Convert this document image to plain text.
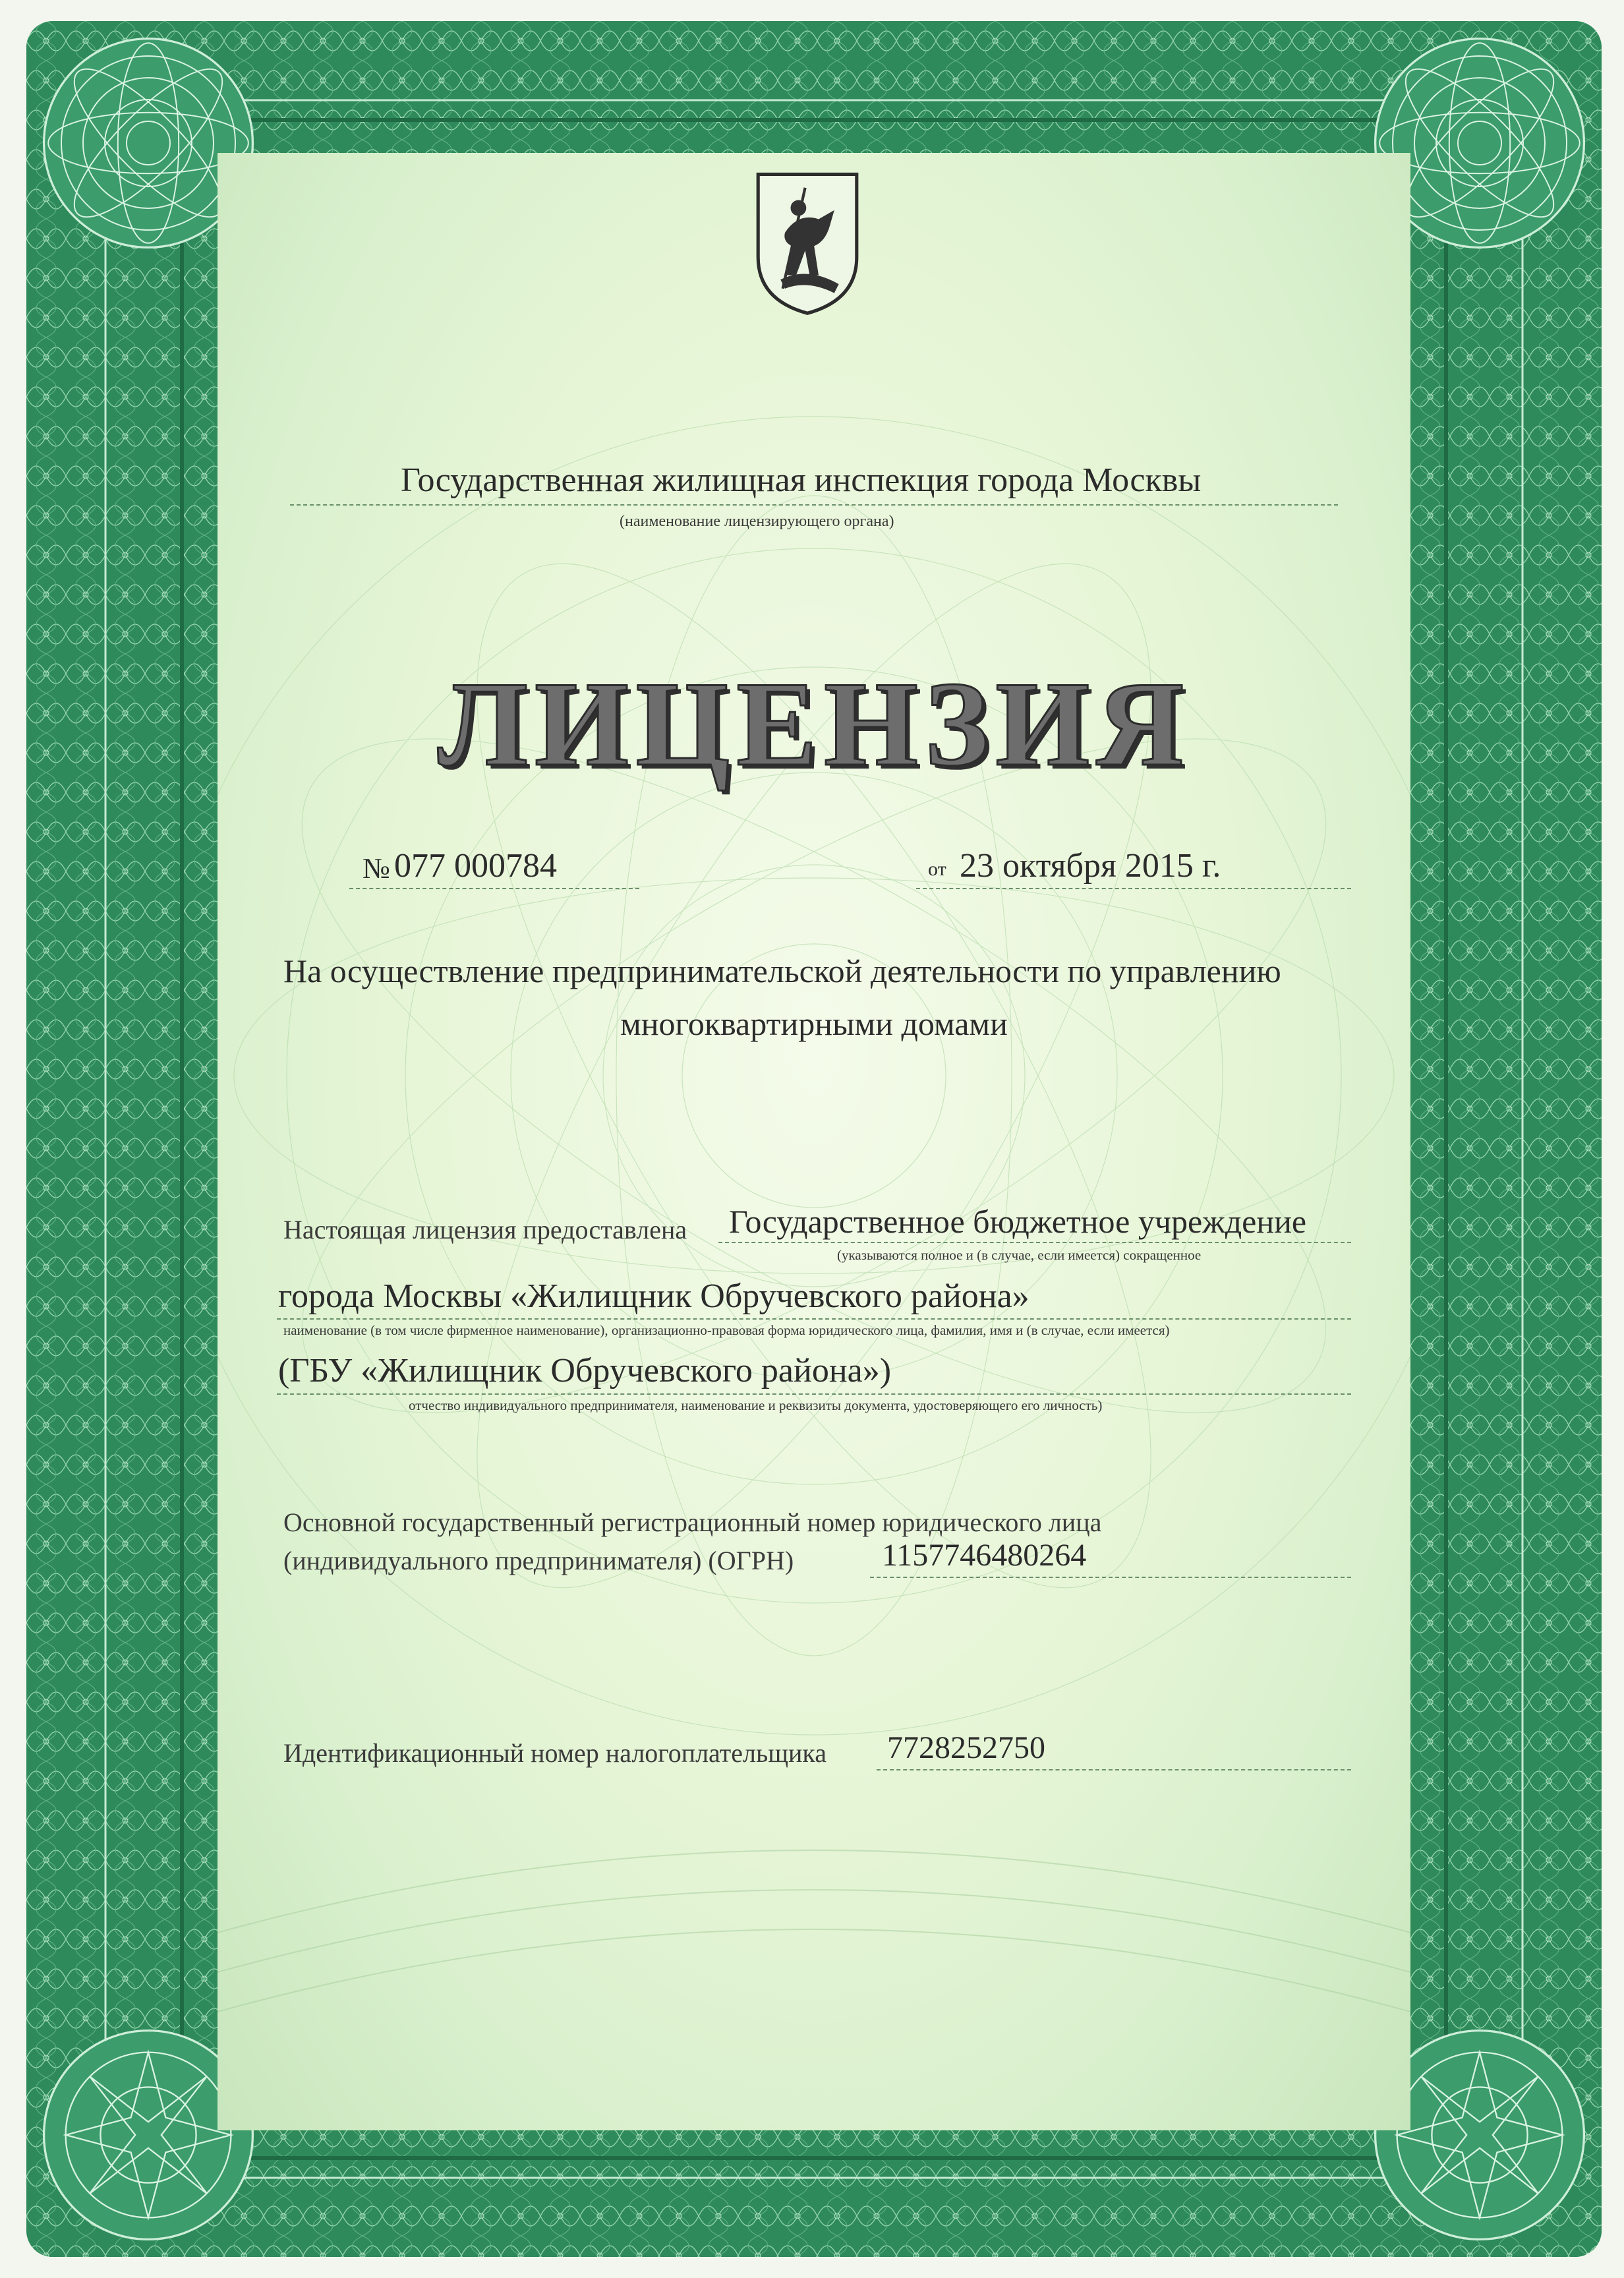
Государственная жилищная инспекция города Москвы
(наименование лицензирующего органа)
ЛИЦЕНЗИЯ
№ 077 000784	от 23 октября 2015 г.
На осуществление предпринимательской деятельности по управлению
многоквартирными домами
Настоящая лицензия предоставлена Государственное бюджетное учреждение
(указываются полное и (в случае, если имеется) сокращенное
города Москвы «Жилищник Обручевского района»
наименование (в том числе фирменное наименование), организационно-правовая форма юридического лица, фамилия, имя и (в случае, если имеется)
(ГБУ «Жилищник Обручевского района»)
отчество индивидуального предпринимателя, наименование и реквизиты документа, удостоверяющего его личность)
Основной государственный регистрационный номер юридического лица
(индивидуального предпринимателя) (ОГРН)	1157746480264
Идентификационный номер налогоплательщика 7728252750
